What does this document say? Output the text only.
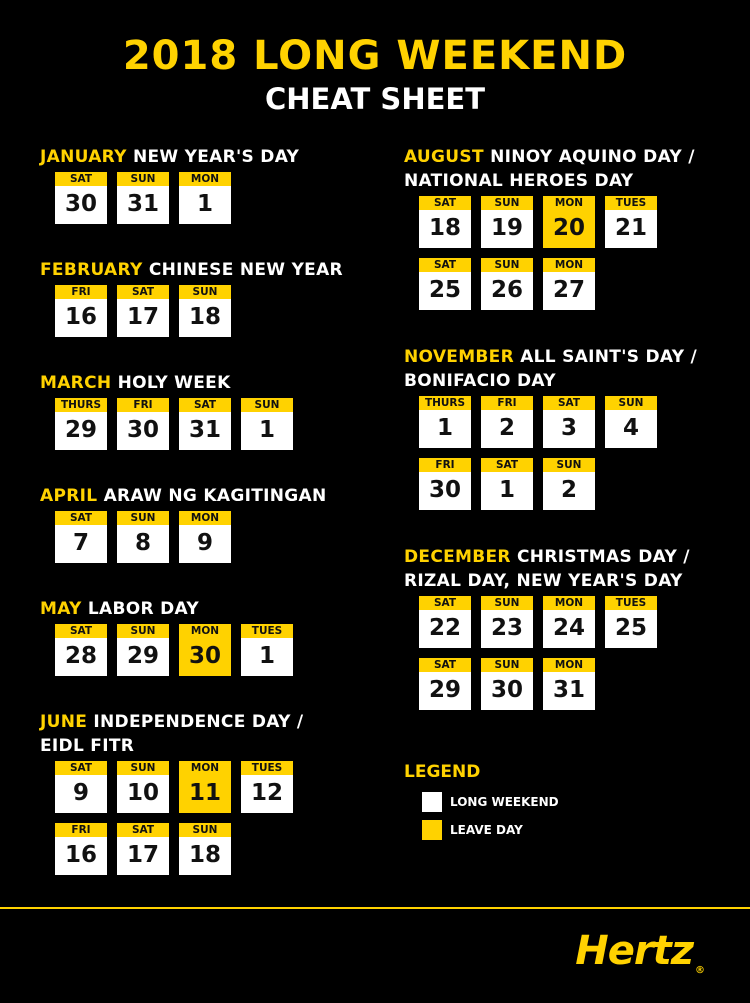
2018 LONG WEEKEND
CHEAT SHEET
JANUARY NEW YEAR'S DAY
SAT
30
SUN
31
MON
1
FEBRUARY CHINESE NEW YEAR
FRI
16
SAT
17
SUN
18
MARCH HOLY WEEK
THURS
29
FRI
30
SAT
31
SUN
1
APRIL ARAW NG KAGITINGAN
SAT
7
SUN
8
MON
9
MAY LABOR DAY
SAT
28
SUN
29
MON
30
TUES
1
JUNE INDEPENDENCE DAY /
EIDL FITR
SAT
9
SUN
10
MON
11
TUES
12
FRI
16
SAT
17
SUN
18
AUGUST NINOY AQUINO DAY /
NATIONAL HEROES DAY
SAT
18
SUN
19
MON
20
TUES
21
SAT
25
SUN
26
MON
27
NOVEMBER ALL SAINT'S DAY /
BONIFACIO DAY
THURS
1
FRI
2
SAT
3
SUN
4
FRI
30
SAT
1
SUN
2
DECEMBER CHRISTMAS DAY /
RIZAL DAY, NEW YEAR'S DAY
SAT
22
SUN
23
MON
24
TUES
25
SAT
29
SUN
30
MON
31
LEGEND
LONG WEEKEND
LEAVE DAY
Hertz ®
